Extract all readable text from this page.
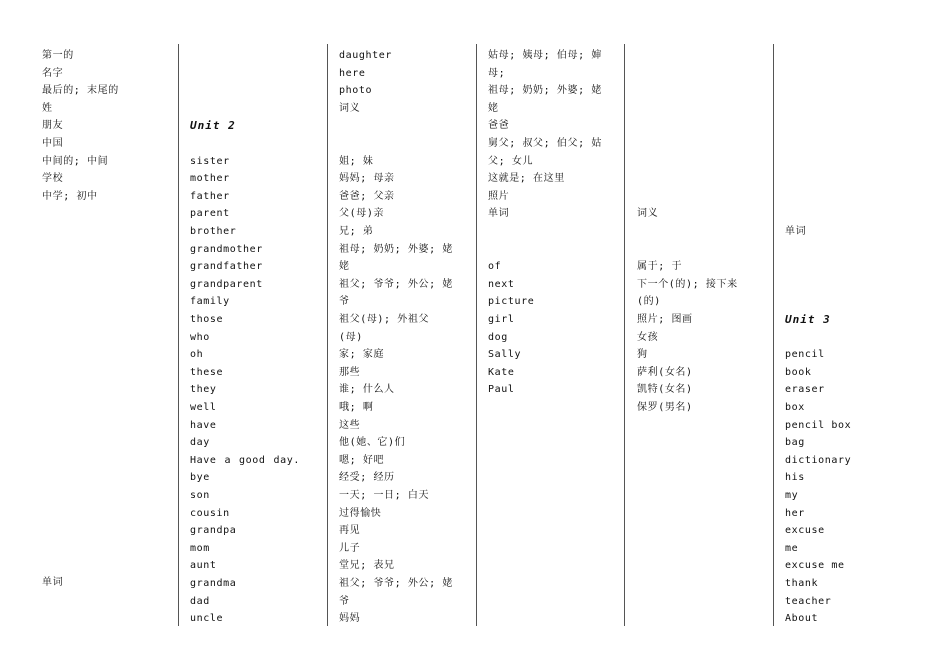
第一的
名字
最后的; 末尾的
姓
朋友
中国
中间的; 中间
学校
中学; 初中
单词
Unit 2
sister
mother
father
parent
brother
grandmother
grandfather
grandparent
family
those
who
oh
these
they
well
have
day
Have a good day.
bye
son
cousin
grandpa
mom
aunt
grandma
dad
uncle
daughter
here
photo
词义
姐; 妹
妈妈; 母亲
爸爸; 父亲
父(母)亲
兄; 弟
祖母; 奶奶; 外婆; 姥
姥
祖父; 爷爷; 外公; 姥
爷
祖父(母); 外祖父
(母)
家; 家庭
那些
谁; 什么人
哦; 啊
这些
他(她、它)们
嗯; 好吧
经受; 经历
一天; 一日; 白天
过得愉快
再见
儿子
堂兄; 表兄
祖父; 爷爷; 外公; 姥
爷
妈妈
姑母; 姨母; 伯母; 婶
母;
祖母; 奶奶; 外婆; 姥
姥
爸爸
舅父; 叔父; 伯父; 姑
父; 女儿
这就是; 在这里
照片
单词
of
next
picture
girl
dog
Sally
Kate
Paul
词义
属于; 于
下一个(的); 接下来
(的)
照片; 图画
女孩
狗
萨利(女名)
凯特(女名)
保罗(男名)
单词
Unit 3
pencil
book
eraser
box
pencil box
bag
dictionary
his
my
her
excuse
me
excuse me
thank
teacher
About
